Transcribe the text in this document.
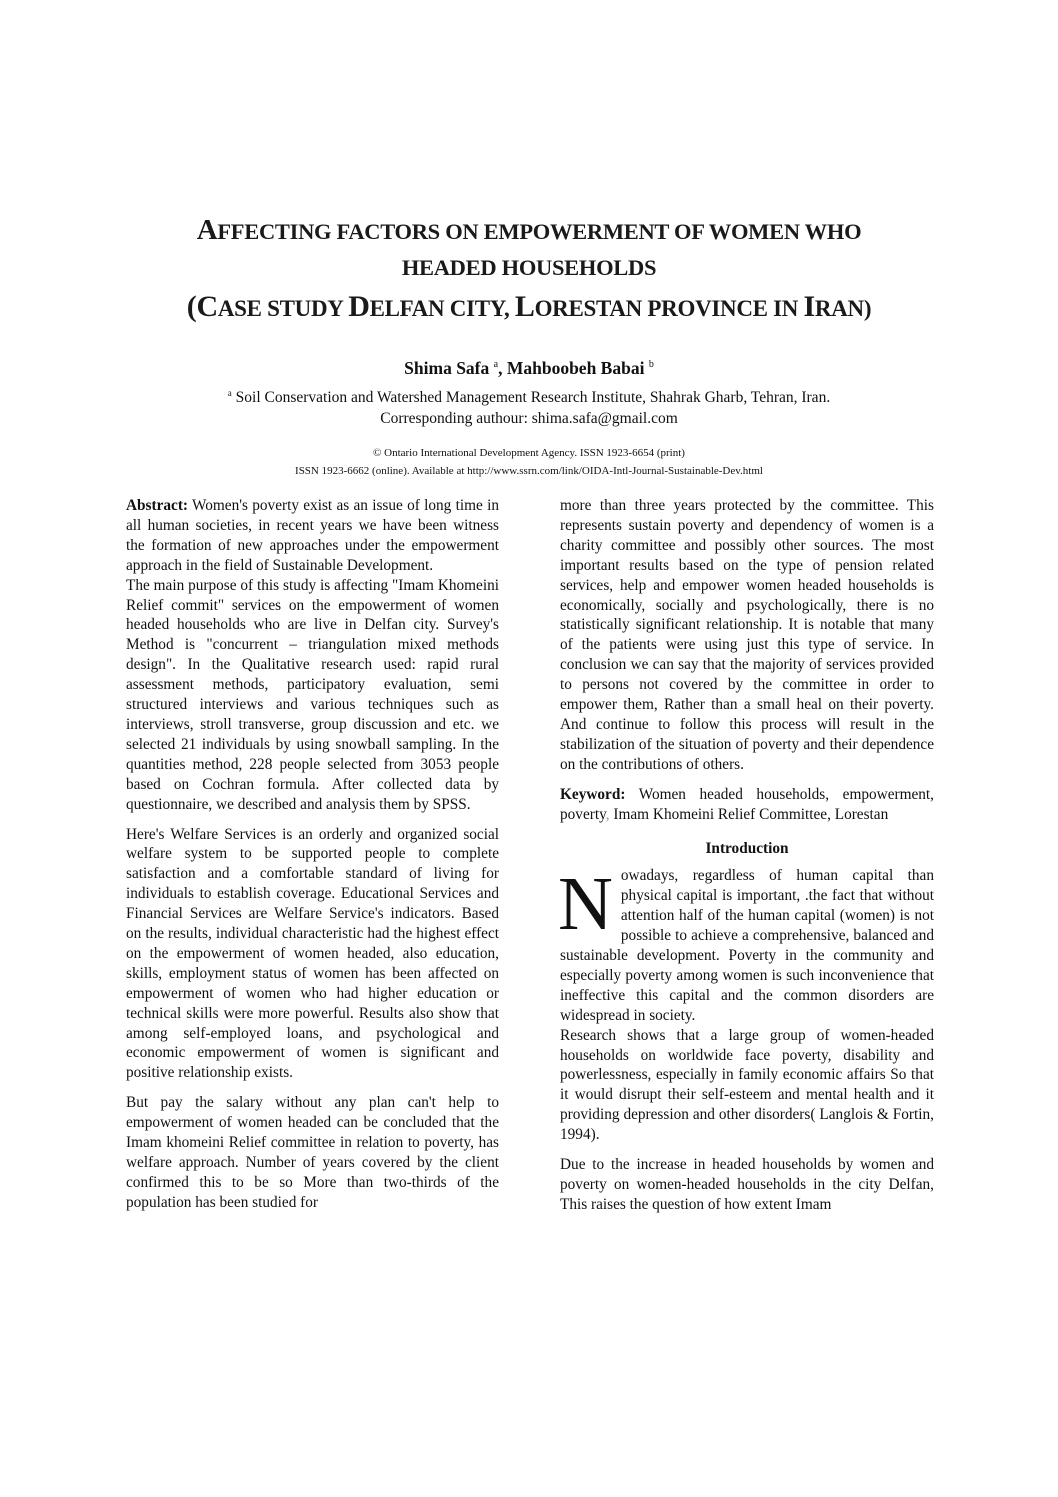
AFFECTING FACTORS ON EMPOWERMENT OF WOMEN WHO
HEADED HOUSEHOLDS
(CASE STUDY DELFAN CITY, LORESTAN PROVINCE IN IRAN)
Shima Safa $^a$, Mahboobeh Babai $^b$
$^a$ Soil Conservation and Watershed Management Research Institute, Shahrak Gharb, Tehran, Iran.
Corresponding authour: shima.safa@gmail.com
© Ontario International Development Agency. ISSN 1923-6654 (print)
ISSN 1923-6662 (online). Available at http://www.ssrn.com/link/OIDA-Intl-Journal-Sustainable-Dev.html

Abstract: Women's poverty exist as an issue of long time in all human societies, in recent years we have been witness the formation of new approaches under the empowerment approach in the field of Sustainable Development.

The main purpose of this study is affecting "Imam Khomeini Relief commit" services on the empowerment of women headed households who are live in Delfan city. Survey's Method is "concurrent – triangulation mixed methods design". In the Qualitative research used: rapid rural assessment methods, participatory evaluation, semi structured interviews and various techniques such as interviews, stroll transverse, group discussion and etc. we selected 21 individuals by using snowball sampling. In the quantities method, 228 people selected from 3053 people based on Cochran formula. After collected data by questionnaire, we described and analysis them by SPSS.

Here's Welfare Services is an orderly and organized social welfare system to be supported people to complete satisfaction and a comfortable standard of living for individuals to establish coverage. Educational Services and Financial Services are Welfare Service's indicators. Based on the results, individual characteristic had the highest effect on the empowerment of women headed, also education, skills, employment status of women has been affected on empowerment of women who had higher education or technical skills were more powerful. Results also show that among self-employed loans, and psychological and economic empowerment of women is significant and positive relationship exists.

But pay the salary without any plan can't help to empowerment of women headed can be concluded that the Imam khomeini Relief committee in relation to poverty, has welfare approach. Number of years covered by the client confirmed this to be so More than two-thirds of the population has been studied for

more than three years protected by the committee. This represents sustain poverty and dependency of women is a charity committee and possibly other sources. The most important results based on the type of pension related services, help and empower women headed households is economically, socially and psychologically, there is no statistically significant relationship. It is notable that many of the patients were using just this type of service. In conclusion we can say that the majority of services provided to persons not covered by the committee in order to empower them, Rather than a small heal on their poverty. And continue to follow this process will result in the stabilization of the situation of poverty and their dependence on the contributions of others.

Keyword: Women headed households, empowerment, poverty, Imam Khomeini Relief Committee, Lorestan

Introduction

Nowadays, regardless of human capital than physical capital is important, .the fact that without attention half of the human capital (women) is not possible to achieve a comprehensive, balanced and sustainable development. Poverty in the community and especially poverty among women is such inconvenience that ineffective this capital and the common disorders are widespread in society.

Research shows that a large group of women-headed households on worldwide face poverty, disability and powerlessness, especially in family economic affairs So that it would disrupt their self-esteem and mental health and it providing depression and other disorders( Langlois & Fortin, 1994).

Due to the increase in headed households by women and poverty on women-headed households in the city Delfan, This raises the question of how extent Imam
